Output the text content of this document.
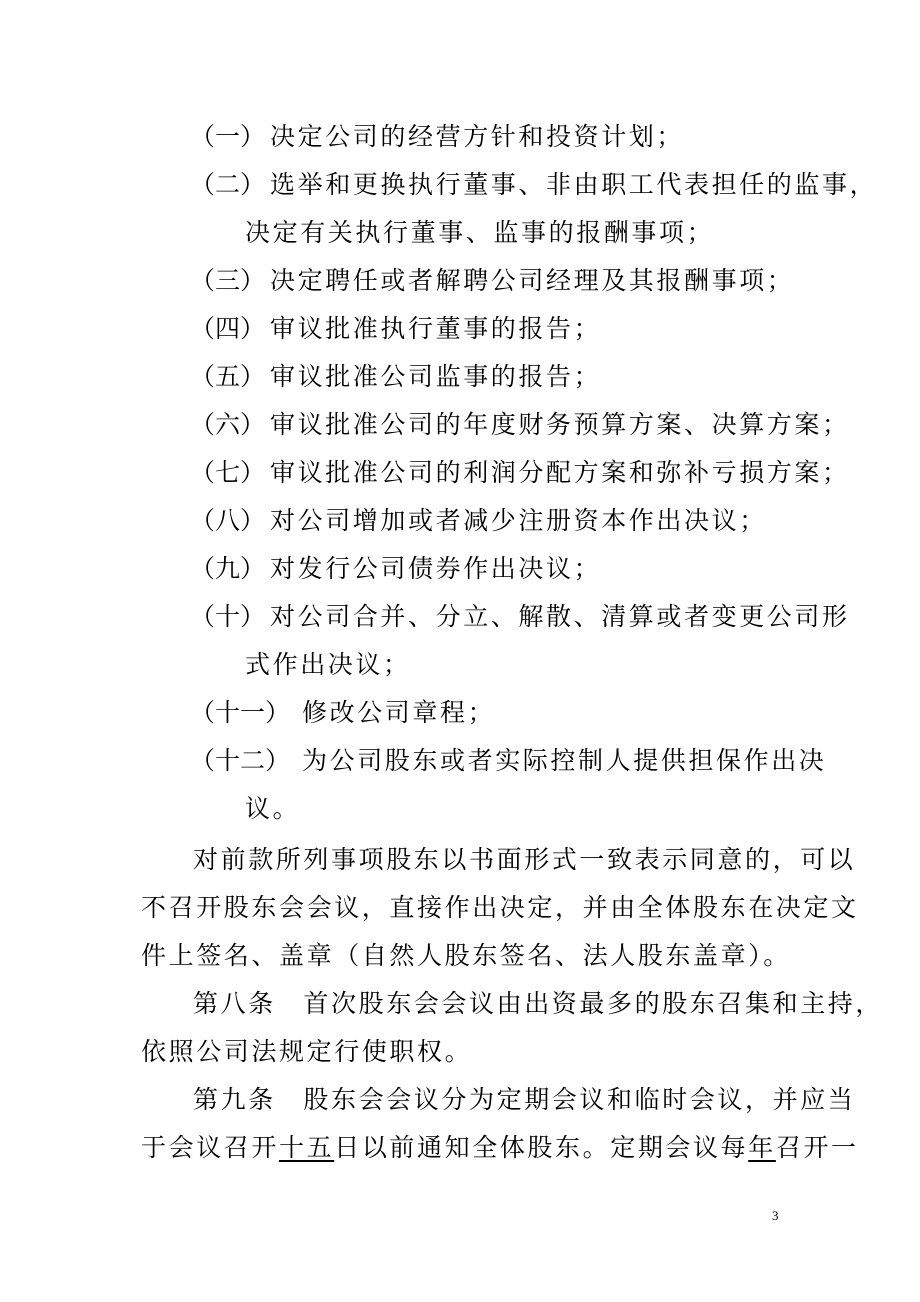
（一） 决定公司的经营方针和投资计划；
（二） 选举和更换执行董事、非由职工代表担任的监事，
决定有关执行董事、监事的报酬事项；
（三） 决定聘任或者解聘公司经理及其报酬事项；
（四） 审议批准执行董事的报告；
（五） 审议批准公司监事的报告；
（六） 审议批准公司的年度财务预算方案、决算方案；
（七） 审议批准公司的利润分配方案和弥补亏损方案；
（八） 对公司增加或者减少注册资本作出决议；
（九） 对发行公司债券作出决议；
（十） 对公司合并、分立、解散、清算或者变更公司形
式作出决议；
（十一） 修改公司章程；
（十二） 为公司股东或者实际控制人提供担保作出决
议。
对前款所列事项股东以书面形式一致表示同意的，可以
不召开股东会会议，直接作出决定，并由全体股东在决定文
件上签名、盖章（自然人股东签名、法人股东盖章）。
第八条　首次股东会会议由出资最多的股东召集和主持，
依照公司法规定行使职权。
第九条　股东会会议分为定期会议和临时会议，并应当
于会议召开十五日以前通知全体股东。定期会议每年召开一
3
